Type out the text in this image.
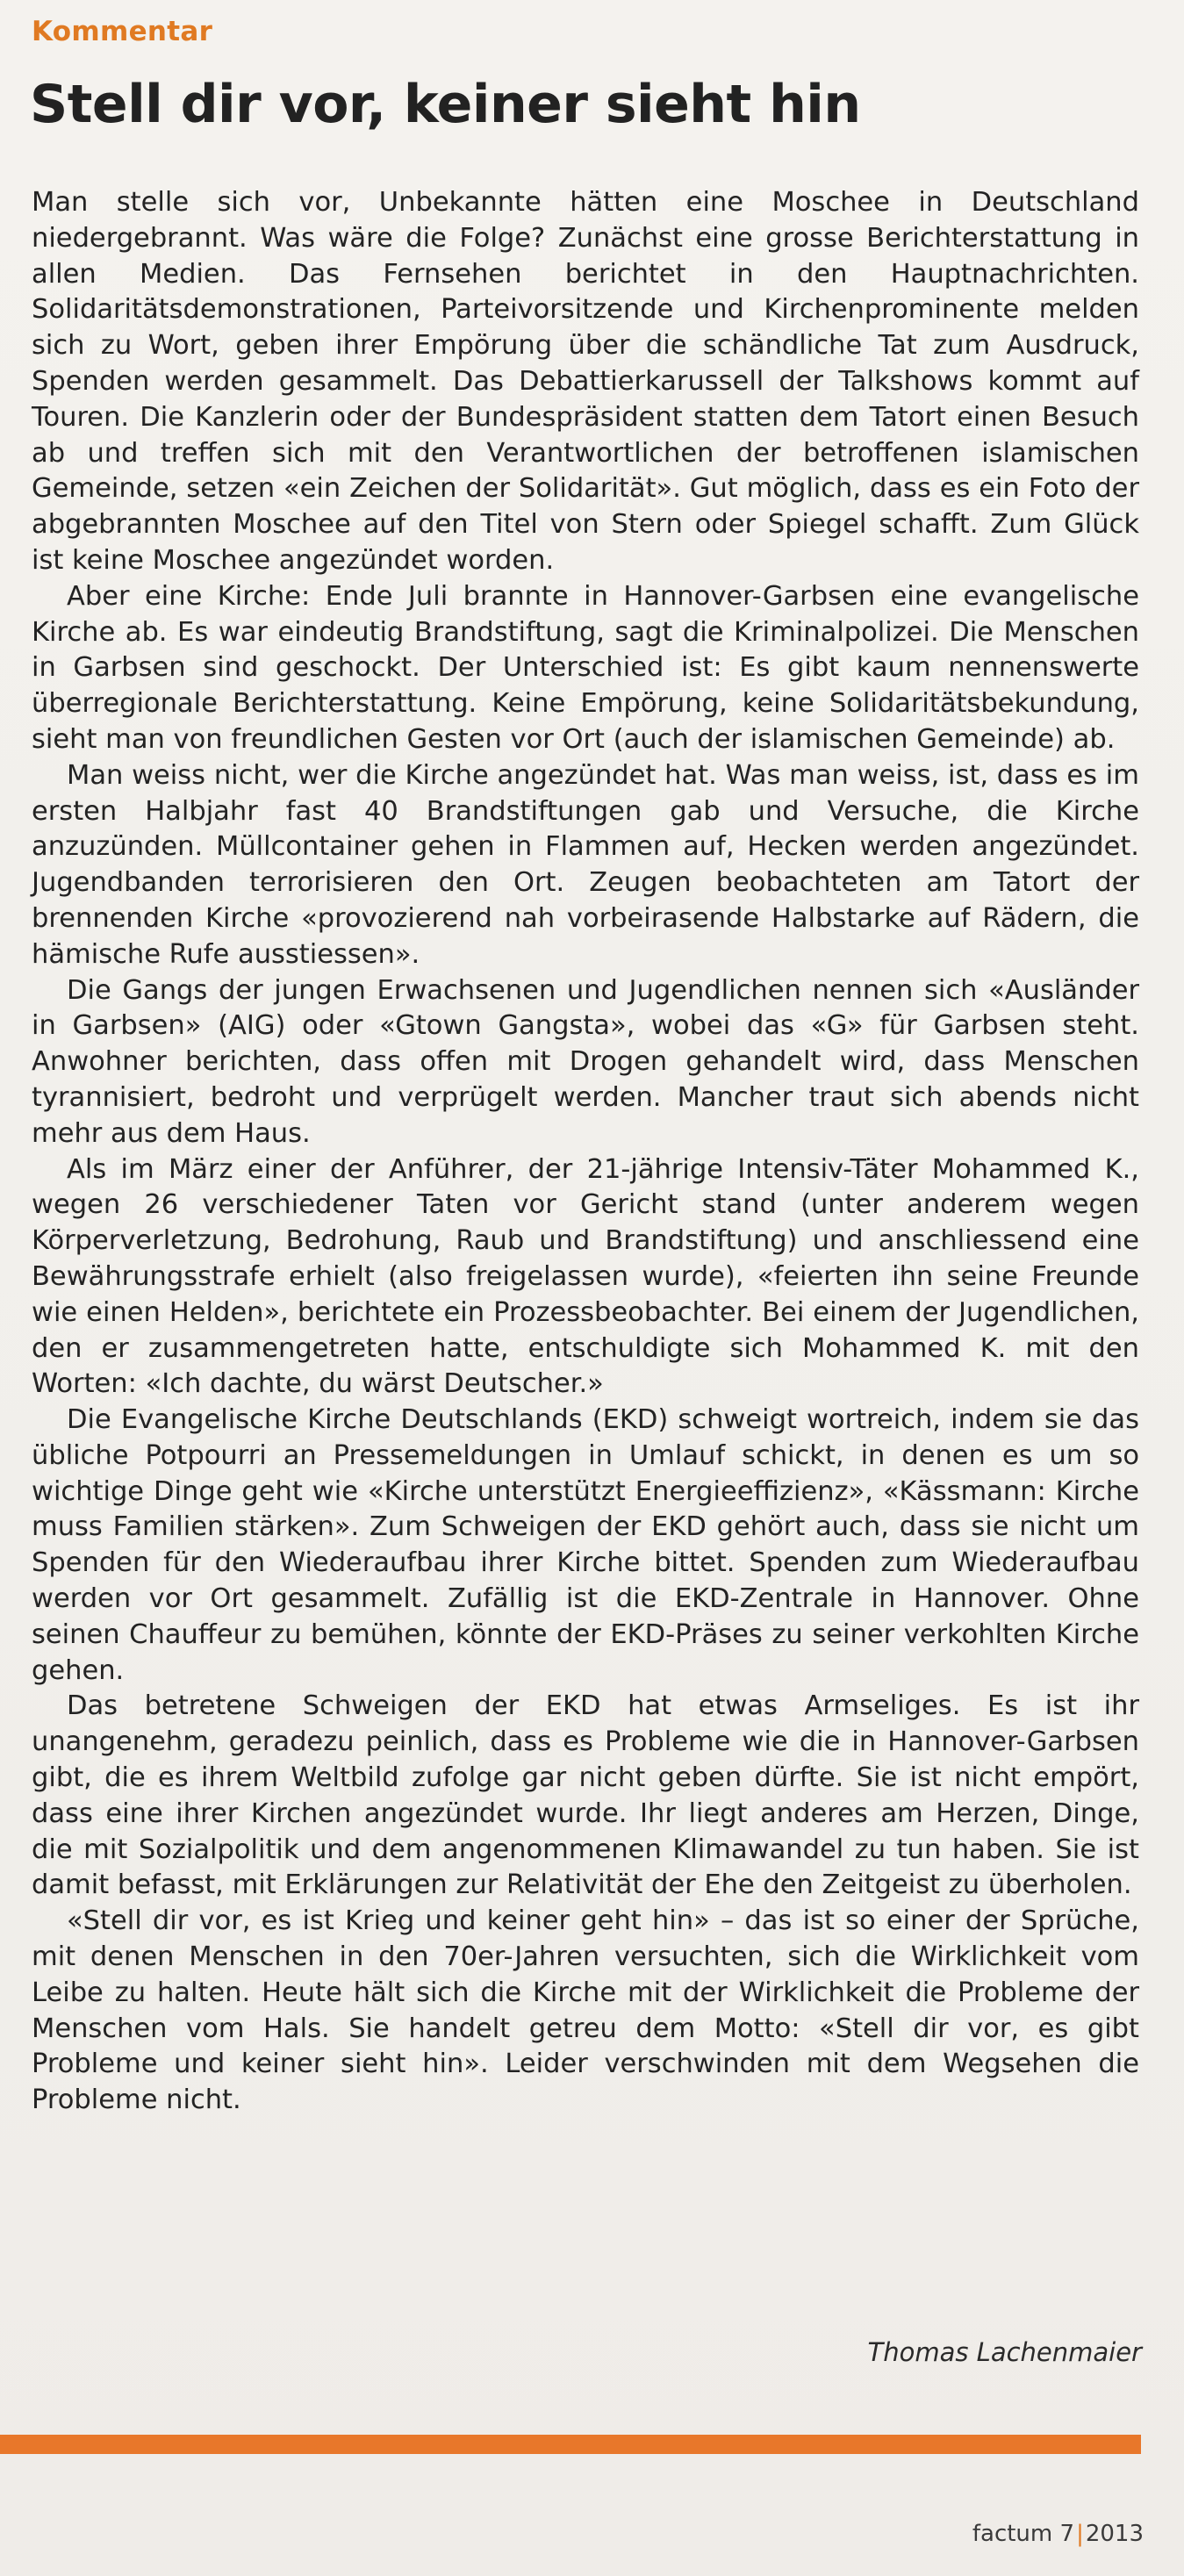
Kommentar
Stell dir vor, keiner sieht hin

Man stelle sich vor, Unbekannte hätten eine Moschee in Deutschland niedergebrannt. Was wäre die Folge? Zunächst eine grosse Berichterstattung in allen Medien. Das Fernsehen berichtet in den Hauptnachrichten. Solidaritätsdemonstrationen, Parteivorsitzende und Kirchenprominente melden sich zu Wort, geben ihrer Empörung über die schändliche Tat zum Ausdruck, Spenden werden gesammelt. Das Debattierkarussell der Talkshows kommt auf Touren. Die Kanzlerin oder der Bundespräsident statten dem Tatort einen Besuch ab und treffen sich mit den Verantwortlichen der betroffenen islamischen Gemeinde, setzen «ein Zeichen der Solidarität». Gut möglich, dass es ein Foto der abgebrannten Moschee auf den Titel von Stern oder Spiegel schafft. Zum Glück ist keine Moschee angezündet worden.

Aber eine Kirche: Ende Juli brannte in Hannover-Garbsen eine evangelische Kirche ab. Es war eindeutig Brandstiftung, sagt die Kriminalpolizei. Die Menschen in Garbsen sind geschockt. Der Unterschied ist: Es gibt kaum nennenswerte überregionale Berichterstattung. Keine Empörung, keine Solidaritätsbekundung, sieht man von freundlichen Gesten vor Ort (auch der islamischen Gemeinde) ab.

Man weiss nicht, wer die Kirche angezündet hat. Was man weiss, ist, dass es im ersten Halbjahr fast 40 Brandstiftungen gab und Versuche, die Kirche anzuzünden. Müllcontainer gehen in Flammen auf, Hecken werden angezündet. Jugendbanden terrorisieren den Ort. Zeugen beobachteten am Tatort der brennenden Kirche «provozierend nah vorbeirasende Halbstarke auf Rädern, die hämische Rufe ausstiessen».

Die Gangs der jungen Erwachsenen und Jugendlichen nennen sich «Ausländer in Garbsen» (AIG) oder «Gtown Gangsta», wobei das «G» für Garbsen steht. Anwohner berichten, dass offen mit Drogen gehandelt wird, dass Menschen tyrannisiert, bedroht und verprügelt werden. Mancher traut sich abends nicht mehr aus dem Haus.

Als im März einer der Anführer, der 21-jährige Intensiv-Täter Mohammed K., wegen 26 verschiedener Taten vor Gericht stand (unter anderem wegen Körperverletzung, Bedrohung, Raub und Brandstiftung) und anschliessend eine Bewährungsstrafe erhielt (also freigelassen wurde), «feierten ihn seine Freunde wie einen Helden», berichtete ein Prozessbeobachter. Bei einem der Jugendlichen, den er zusammengetreten hatte, entschuldigte sich Mohammed K. mit den Worten: «Ich dachte, du wärst Deutscher.»

Die Evangelische Kirche Deutschlands (EKD) schweigt wortreich, indem sie das übliche Potpourri an Pressemeldungen in Umlauf schickt, in denen es um so wichtige Dinge geht wie «Kirche unterstützt Energieeffizienz», «Kässmann: Kirche muss Familien stärken». Zum Schweigen der EKD gehört auch, dass sie nicht um Spenden für den Wiederaufbau ihrer Kirche bittet. Spenden zum Wiederaufbau werden vor Ort gesammelt. Zufällig ist die EKD-Zentrale in Hannover. Ohne seinen Chauffeur zu bemühen, könnte der EKD-Präses zu seiner verkohlten Kirche gehen.

Das betretene Schweigen der EKD hat etwas Armseliges. Es ist ihr unangenehm, geradezu peinlich, dass es Probleme wie die in Hannover-Garbsen gibt, die es ihrem Weltbild zufolge gar nicht geben dürfte. Sie ist nicht empört, dass eine ihrer Kirchen angezündet wurde. Ihr liegt anderes am Herzen, Dinge, die mit Sozialpolitik und dem angenommenen Klimawandel zu tun haben. Sie ist damit befasst, mit Erklärungen zur Relativität der Ehe den Zeitgeist zu überholen.

«Stell dir vor, es ist Krieg und keiner geht hin» – das ist so einer der Sprüche, mit denen Menschen in den 70er-Jahren versuchten, sich die Wirklichkeit vom Leibe zu halten. Heute hält sich die Kirche mit der Wirklichkeit die Probleme der Menschen vom Hals. Sie handelt getreu dem Motto: «Stell dir vor, es gibt Probleme und keiner sieht hin». Leider verschwinden mit dem Wegsehen die Probleme nicht.

Thomas Lachenmaier
factum 7|2013
